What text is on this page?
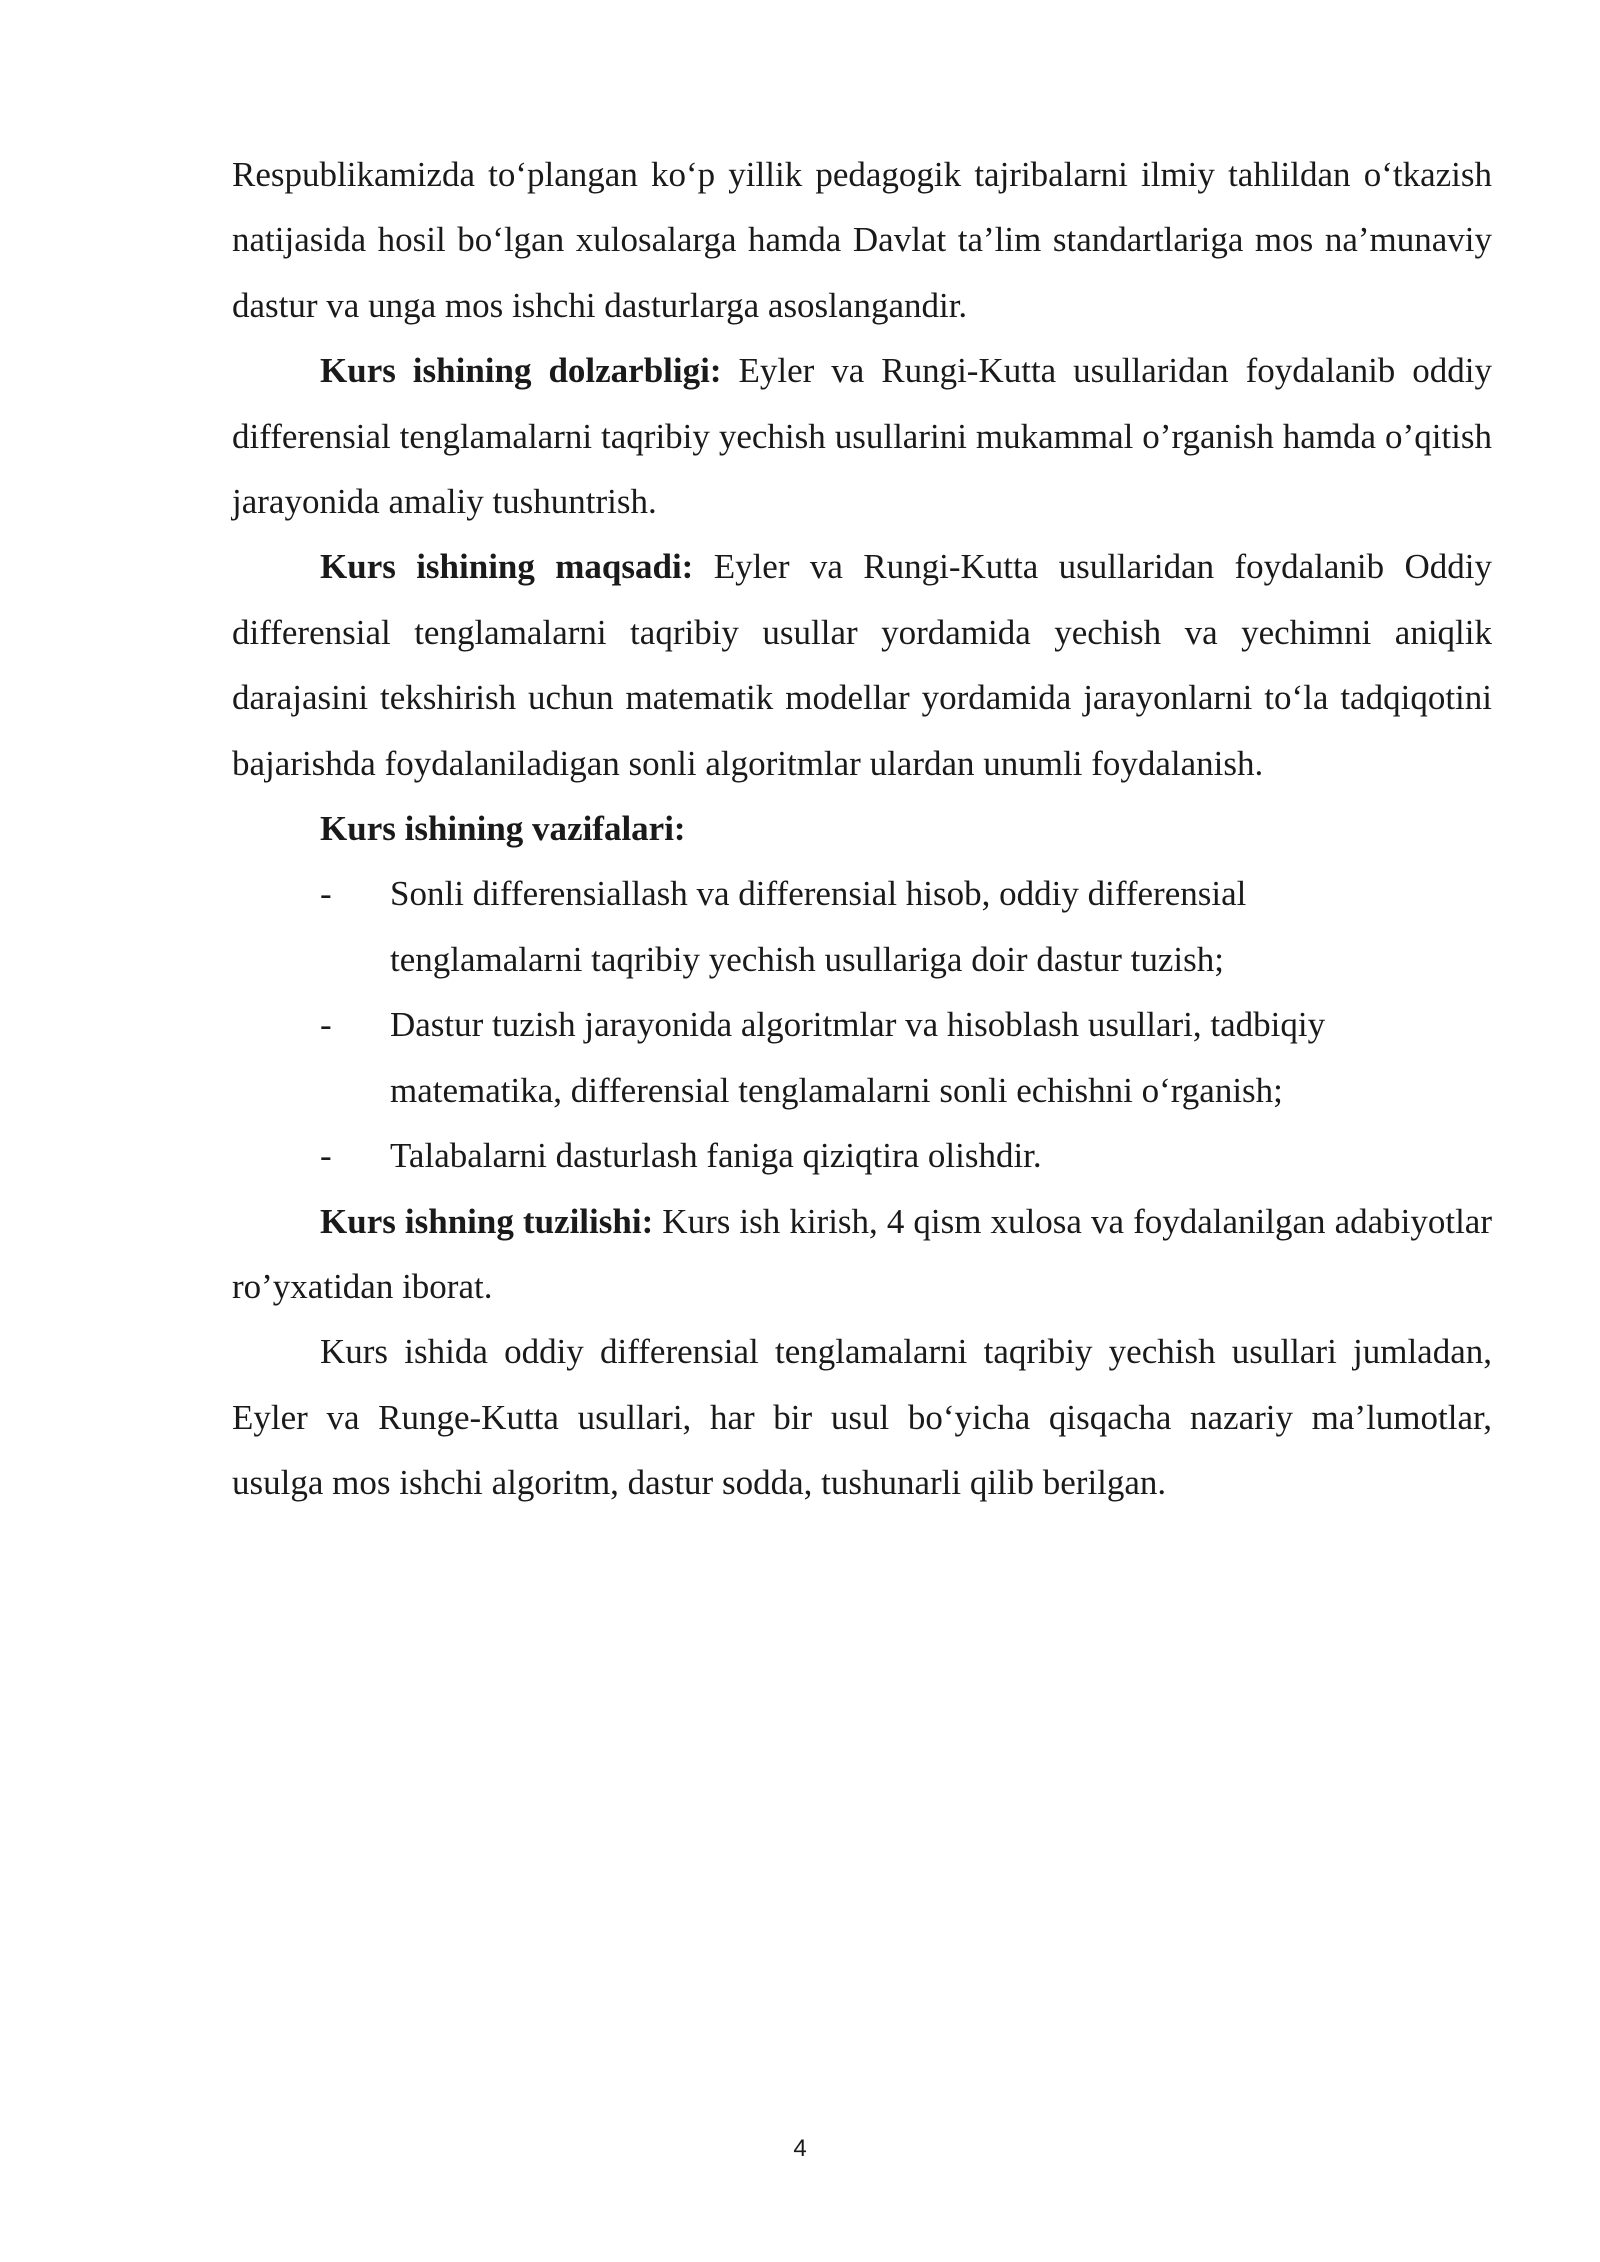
Respublikamizda to‘plangan ko‘p yillik pedagogik tajribalarni ilmiy tahlildan o‘tkazish natijasida hosil bo‘lgan xulosalarga hamda Davlat ta’lim standartlariga mos na’munaviy dastur va unga mos ishchi dasturlarga asoslangandir.

Kurs ishining dolzarbligi: Eyler va Rungi-Kutta usullaridan foydalanib oddiy differensial tenglamalarni taqribiy yechish usullarini mukammal o’rganish hamda o’qitish jarayonida amaliy tushuntrish.

Kurs ishining maqsadi: Eyler va Rungi-Kutta usullaridan foydalanib Oddiy differensial tenglamalarni taqribiy usullar yordamida yechish va yechimni aniqlik darajasini tekshirish uchun matematik modellar yordamida jarayonlarni to‘la tadqiqotini bajarishda foydalaniladigan sonli algoritmlar ulardan unumli foydalanish.

Kurs ishining vazifalari:

- Sonli differensiallash va differensial hisob, oddiy differensial tenglamalarni taqribiy yechish usullariga doir dastur tuzish;
- Dastur tuzish jarayonida algoritmlar va hisoblash usullari, tadbiqiy matematika, differensial tenglamalarni sonli echishni o‘rganish;
- Talabalarni dasturlash faniga qiziqtira olishdir.

Kurs ishning tuzilishi: Kurs ish kirish, 4 qism xulosa va foydalanilgan adabiyotlar ro’yxatidan iborat.

Kurs ishida oddiy differensial tenglamalarni taqribiy yechish usullari jumladan, Eyler va Runge-Kutta usullari, har bir usul bo‘yicha qisqacha nazariy ma’lumotlar, usulga mos ishchi algoritm, dastur sodda, tushunarli qilib berilgan.

4
